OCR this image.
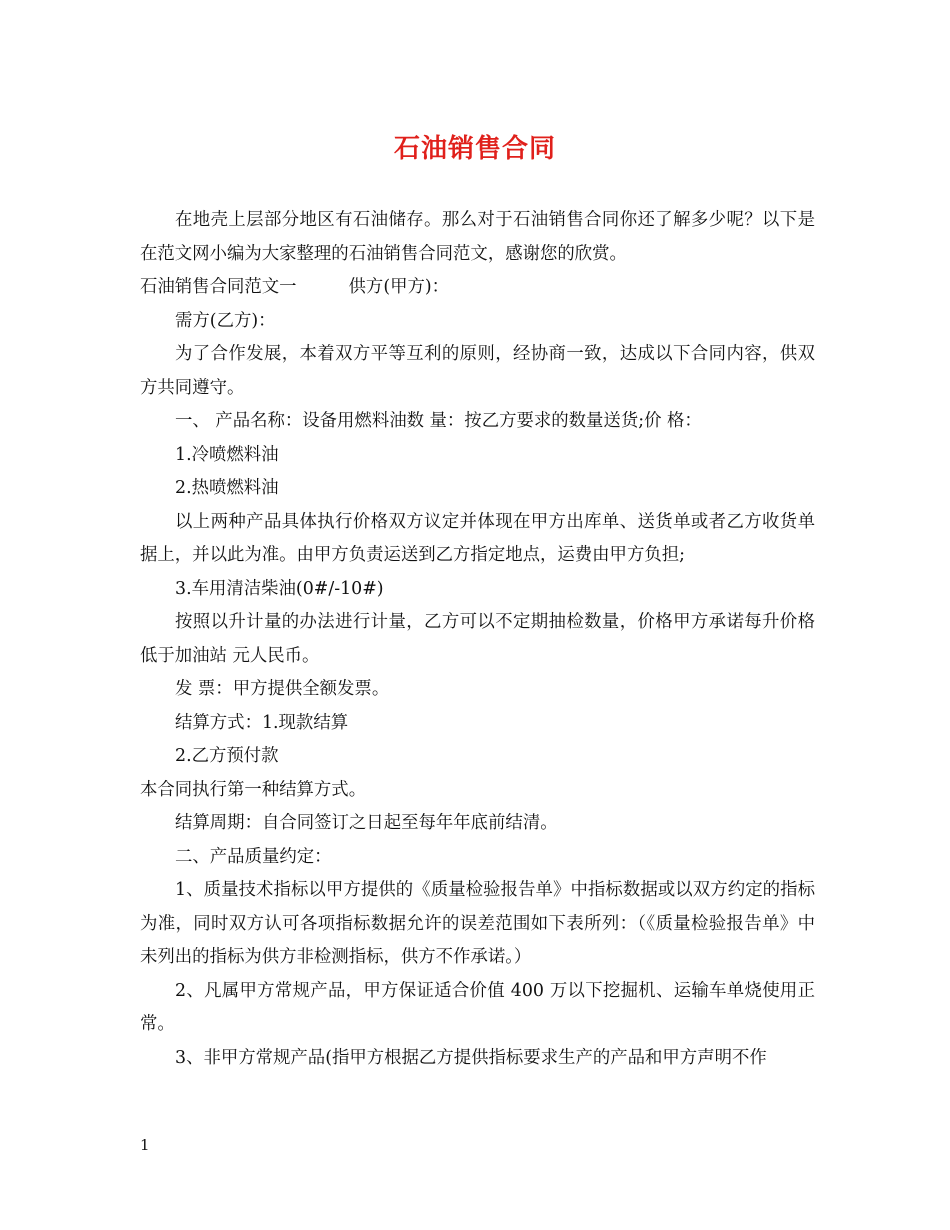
石油销售合同

在地壳上层部分地区有石油储存。那么对于石油销售合同你还了解多少呢？以下是在范文网小编为大家整理的石油销售合同范文，感谢您的欣赏。

石油销售合同范文一	供方(甲方)：

需方(乙方)：

为了合作发展，本着双方平等互利的原则，经协商一致，达成以下合同内容，供双方共同遵守。

一、 产品名称：设备用燃料油数 量：按乙方要求的数量送货;价 格：

1.冷喷燃料油

2.热喷燃料油

以上两种产品具体执行价格双方议定并体现在甲方出库单、送货单或者乙方收货单据上，并以此为准。由甲方负责运送到乙方指定地点，运费由甲方负担;

3.车用清洁柴油(0#/-10#)

按照以升计量的办法进行计量，乙方可以不定期抽检数量，价格甲方承诺每升价格低于加油站 元人民币。

发 票：甲方提供全额发票。

结算方式：1.现款结算

2.乙方预付款

本合同执行第一种结算方式。

结算周期：自合同签订之日起至每年年底前结清。

二、产品质量约定：

1、质量技术指标以甲方提供的《质量检验报告单》中指标数据或以双方约定的指标为准，同时双方认可各项指标数据允许的误差范围如下表所列：（《质量检验报告单》中未列出的指标为供方非检测指标，供方不作承诺。）

2、凡属甲方常规产品，甲方保证适合价值 400 万以下挖掘机、运输车单烧使用正常。

3、非甲方常规产品(指甲方根据乙方提供指标要求生产的产品和甲方声明不作

1
